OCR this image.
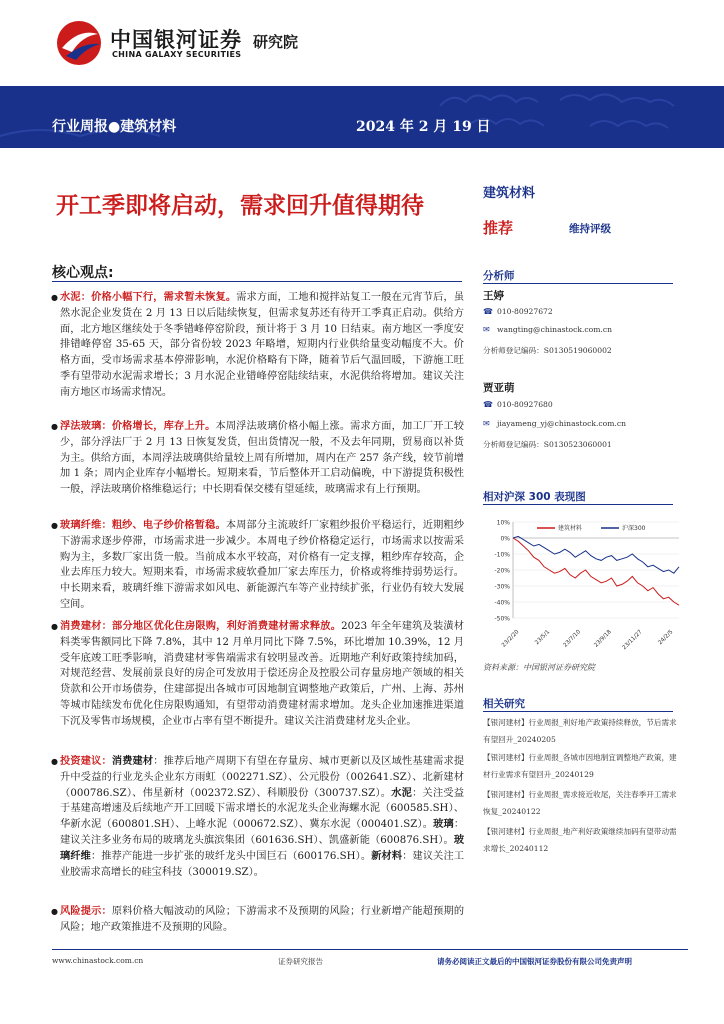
中国银河证券
CHINA GALAXY SECURITIES
研究院
行业周报●建筑材料	2024 年 2 月 19 日
开工季即将启动，需求回升值得期待
核心观点:
● 水泥：价格小幅下行，需求暂未恢复。需求方面，工地和搅拌站复工一般在元宵节后，虽然水泥企业发货在 2 月 13 日以后陆续恢复，但需求复苏还有待开工季真正启动。供给方面，北方地区继续处于冬季错峰停窑阶段，预计将于 3 月 10 日结束。南方地区一季度安排错峰停窑 35-65 天，部分省份较 2023 年略增，短期内行业供给量变动幅度不大。价格方面，受市场需求基本停滞影响，水泥价格略有下降，随着节后气温回暖，下游施工旺季有望带动水泥需求增长；3 月水泥企业错峰停窑陆续结束，水泥供给将增加。建议关注南方地区市场需求情况。
● 浮法玻璃：价格增长，库存上升。本周浮法玻璃价格小幅上涨。需求方面，加工厂开工较少，部分浮法厂于 2 月 13 日恢复发货，但出货情况一般，不及去年同期，贸易商以补货为主。供给方面，本周浮法玻璃供给量较上周有所增加，周内在产 257 条产线，较节前增加 1 条；周内企业库存小幅增长。短期来看，节后整体开工启动偏晚，中下游提货积极性一般，浮法玻璃价格维稳运行；中长期看保交楼有望延续，玻璃需求有上行预期。
● 玻璃纤维：粗纱、电子纱价格暂稳。本周部分主流玻纤厂家粗纱报价平稳运行，近期粗纱下游需求逐步停滞，市场需求进一步减少。本周电子纱价格稳定运行，市场需求以按需采购为主，多数厂家出货一般。当前成本水平较高，对价格有一定支撑，粗纱库存较高，企业去库压力较大。短期来看，市场需求疲软叠加厂家去库压力，价格或将维持弱势运行。中长期来看，玻璃纤维下游需求如风电、新能源汽车等产业持续扩张，行业仍有较大发展空间。
● 消费建材：部分地区优化住房限购，利好消费建材需求释放。2023 年全年建筑及装潢材料类零售额同比下降 7.8%，其中 12 月单月同比下降 7.5%，环比增加 10.39%，12 月受年底竣工旺季影响，消费建材零售端需求有较明显改善。近期地产利好政策持续加码，对规范经营、发展前景良好的房企可发放用于偿还房企及控股公司存量房地产领域的相关贷款和公开市场债券，住建部提出各城市可因地制宜调整地产政策后，广州、上海、苏州等城市陆续发布优化住房限购通知，有望带动消费建材需求增加。龙头企业加速推进渠道下沉及零售市场规模，企业市占率有望不断提升。建议关注消费建材龙头企业。
● 投资建议：消费建材：推荐后地产周期下有望在存量房、城市更新以及区域性基建需求提升中受益的行业龙头企业东方雨虹（002271.SZ）、公元股份（002641.SZ）、北新建材（000786.SZ）、伟星新材（002372.SZ）、科顺股份（300737.SZ）。水泥：关注受益于基建高增速及后续地产开工回暖下需求增长的水泥龙头企业海螺水泥（600585.SH）、华新水泥（600801.SH）、上峰水泥（000672.SZ）、冀东水泥（000401.SZ）。玻璃：建议关注多业务布局的玻璃龙头旗滨集团（601636.SH）、凯盛新能（600876.SH）。玻璃纤维：推荐产能进一步扩张的玻纤龙头中国巨石（600176.SH）。新材料：建议关注工业胶需求高增长的硅宝科技（300019.SZ）。
● 风险提示：原料价格大幅波动的风险；下游需求不及预期的风险；行业新增产能超预期的风险；地产政策推进不及预期的风险。
建筑材料
推荐	维持评级
分析师
王婷
☎ 010-80927672
✉ wangting@chinastock.com.cn
分析师登记编码：S0130519060002
贾亚萌
☎ 010-80927680
✉ jiayameng_yj@chinastock.com.cn
分析师登记编码：S0130523060001
相对沪深 300 表现图
10%
0%
-10%
-20%
-30%
-40%
-50%
23/2/20 23/5/1 23/7/10 23/9/18 23/11/27 24/2/5
建筑材料	沪深300
资料来源：中国银河证券研究院
相关研究
【银河建材】行业周报_利好地产政策持续释放，节后需求有望回升_20240205
【银河建材】行业周报_各城市因地制宜调整地产政策，建材行业需求有望回升_20240129
【银河建材】行业周报_需求接近收尾，关注春季开工需求恢复_20240122
【银河建材】行业周报_地产利好政策继续加码有望带动需求增长_20240112
www.chinastock.com.cn	证券研究报告	请务必阅读正文最后的中国银河证券股份有限公司免责声明
